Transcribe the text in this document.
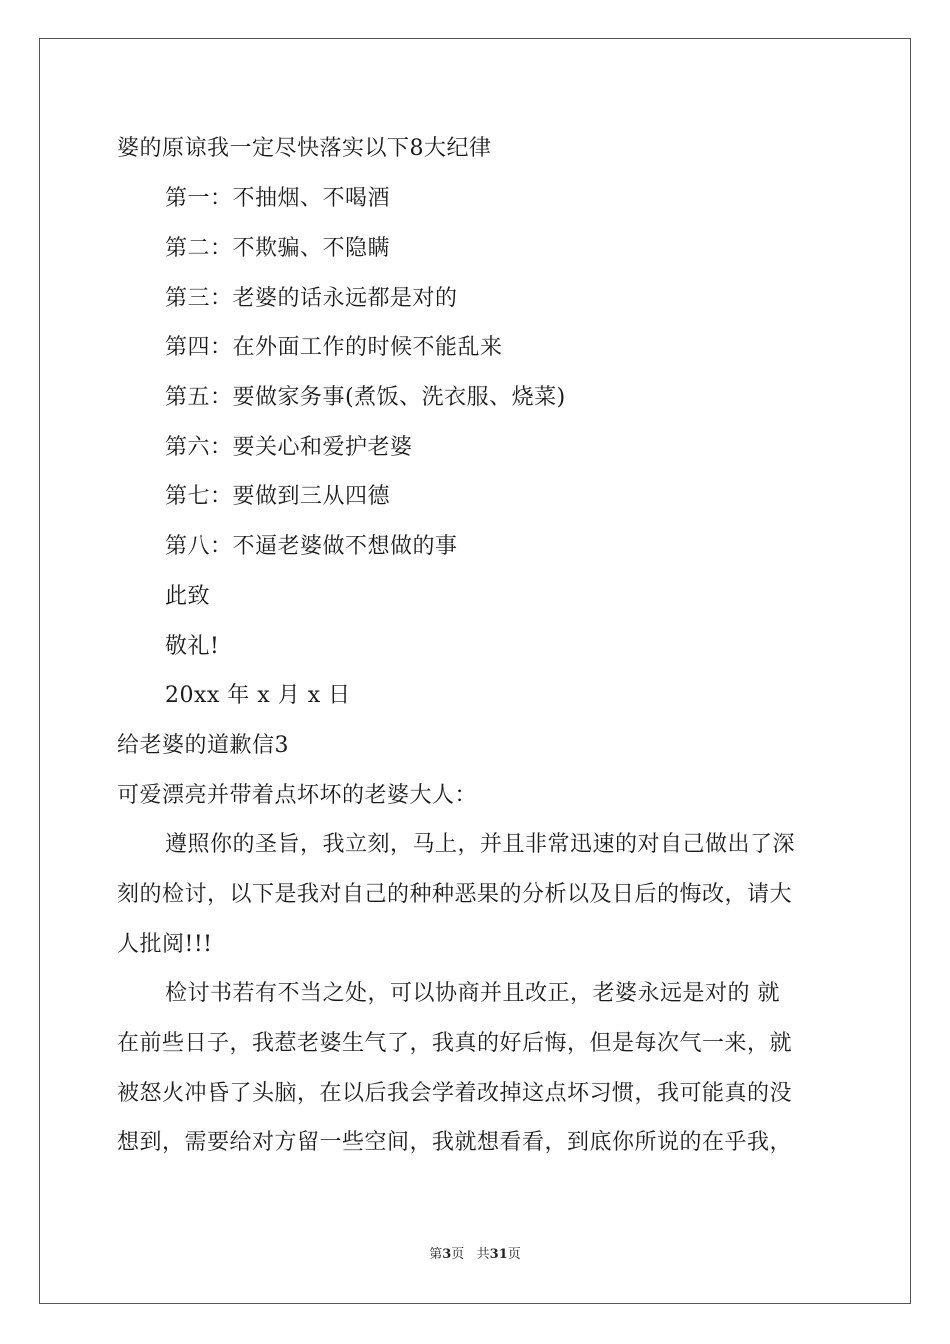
婆的原谅我一定尽快落实以下8大纪律
第一：不抽烟、不喝酒
第二：不欺骗、不隐瞒
第三：老婆的话永远都是对的
第四：在外面工作的时候不能乱来
第五：要做家务事(煮饭、洗衣服、烧菜)
第六：要关心和爱护老婆
第七：要做到三从四德
第八：不逼老婆做不想做的事
此致
敬礼!
20xx 年 x 月 x 日
给老婆的道歉信3
可爱漂亮并带着点坏坏的老婆大人：
遵照你的圣旨，我立刻，马上，并且非常迅速的对自己做出了深
刻的检讨，以下是我对自己的种种恶果的分析以及日后的悔改，请大
人批阅!!!
检讨书若有不当之处，可以协商并且改正，老婆永远是对的 就
在前些日子，我惹老婆生气了，我真的好后悔，但是每次气一来，就
被怒火冲昏了头脑，在以后我会学着改掉这点坏习惯，我可能真的没
想到，需要给对方留一些空间，我就想看看，到底你所说的在乎我，
第3页   共31页
